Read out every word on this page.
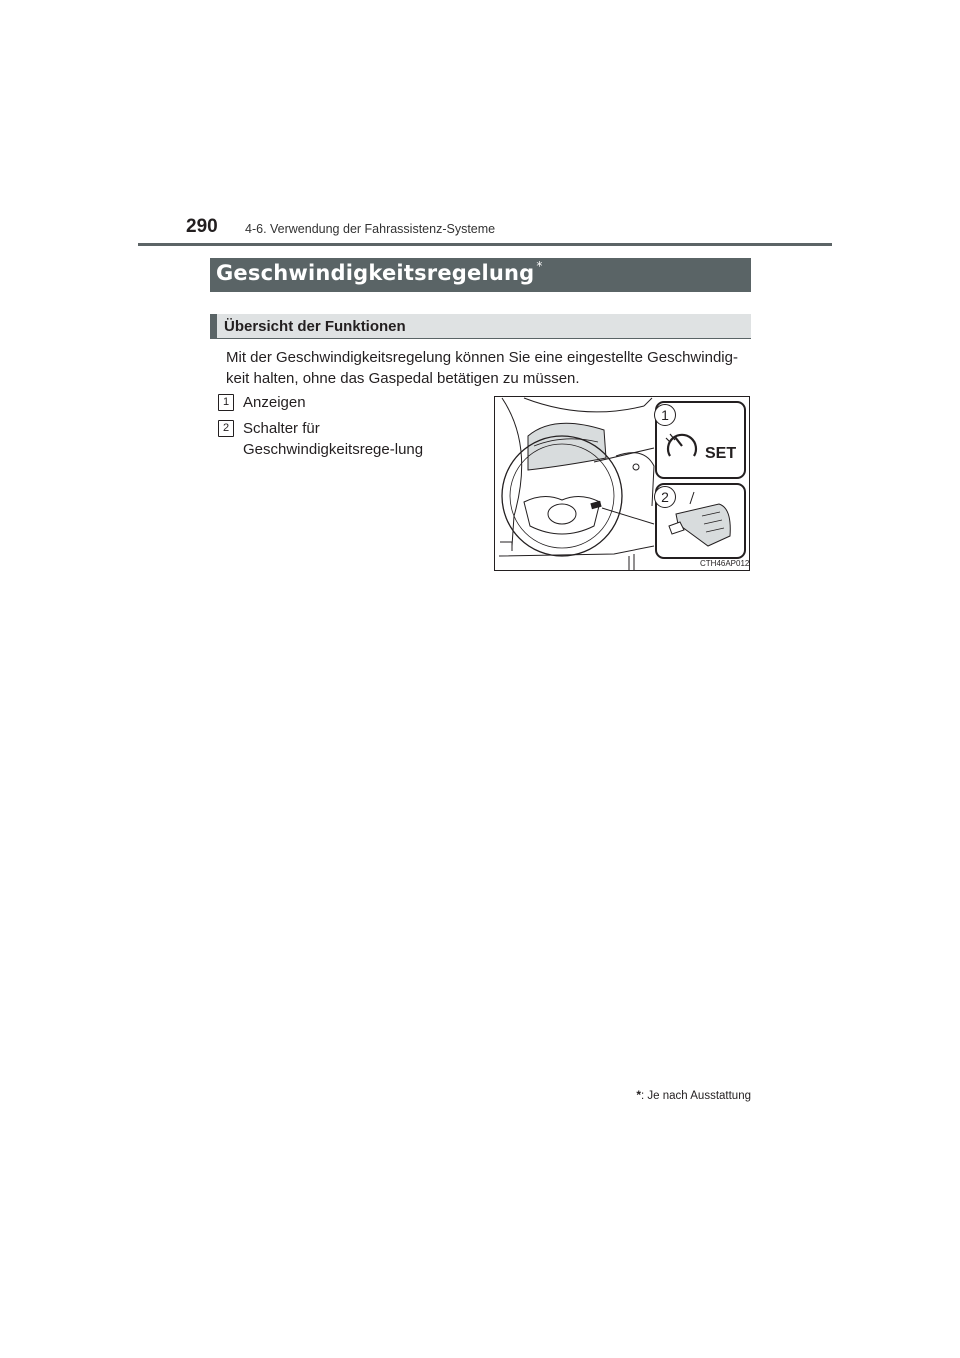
290 4-6. Verwendung der Fahrassistenz-Systeme
Geschwindigkeitsregelung *
Übersicht der Funktionen
Mit der Geschwindigkeitsregelung können Sie eine eingestellte Geschwindig-keit halten, ohne das Gaspedal betätigen zu müssen.
1 Anzeigen
2 Schalter für Geschwindigkeitsrege-lung
1
2
SET
CTH46AP012
*: Je nach Ausstattung
